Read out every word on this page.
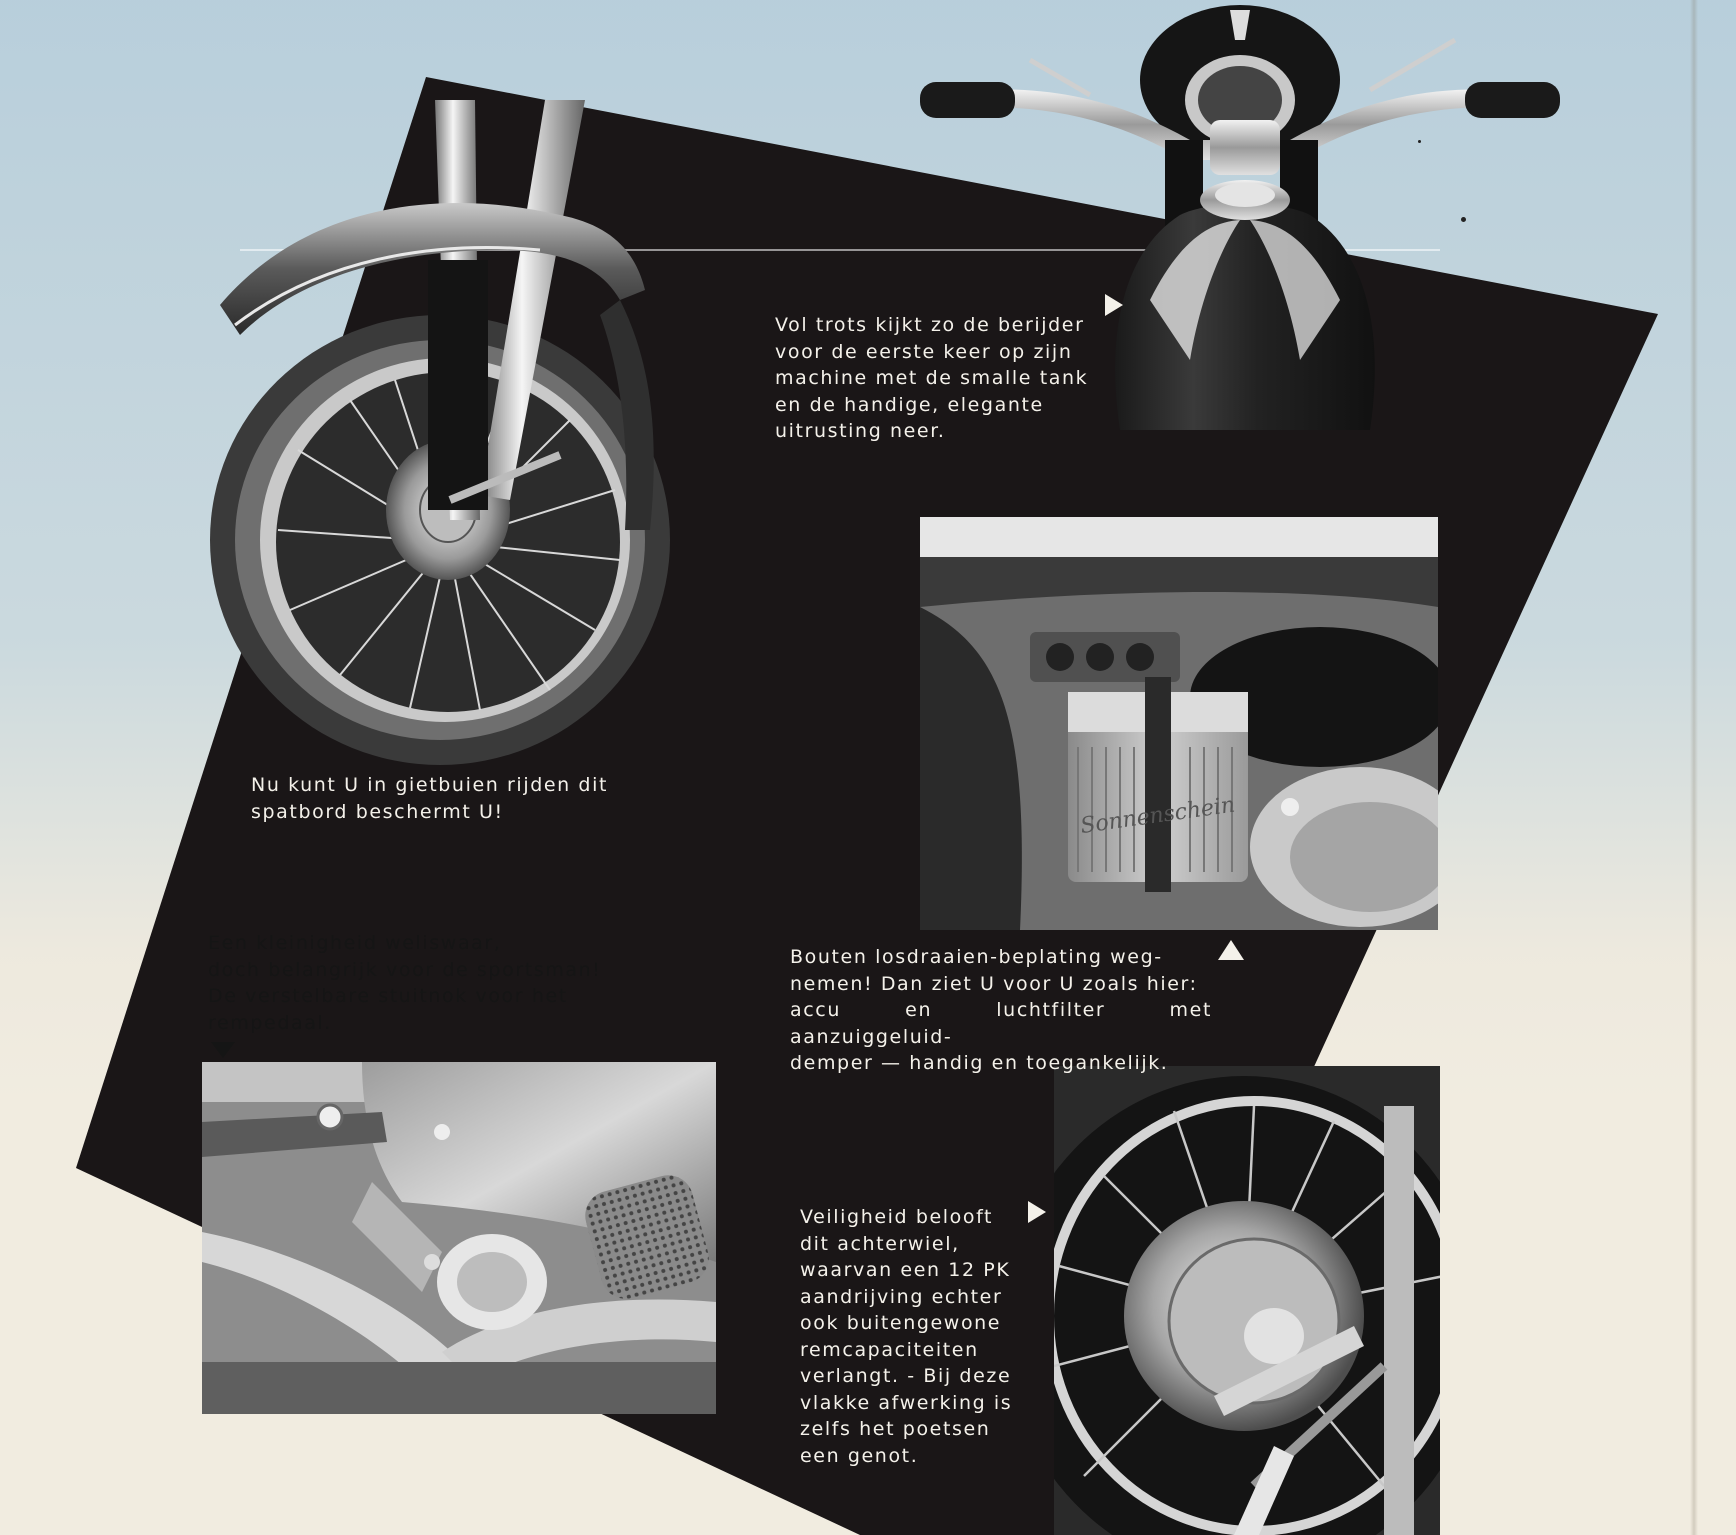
Sonnenschein
Vol trots kijkt zo de berijder
voor de eerste keer op zijn
machine met de smalle tank
en de handige, elegante
uitrusting neer.
Nu kunt U in gietbuien rijden dit
spatbord beschermt U!
Een kleinigheid weliswaar,
doch belangrijk voor de sportsman!
De verstelbare stuitnok voor het
rempedaal.
Bouten losdraaien-beplating weg-
nemen! Dan ziet U voor U zoals hier:
accu en luchtfilter met aanzuiggeluid-
demper — handig en toegankelijk.
Veiligheid belooft
dit achterwiel,
waarvan een 12 PK
aandrijving echter
ook buitengewone
remcapaciteiten
verlangt. - Bij deze
vlakke afwerking is
zelfs het poetsen
een genot.
